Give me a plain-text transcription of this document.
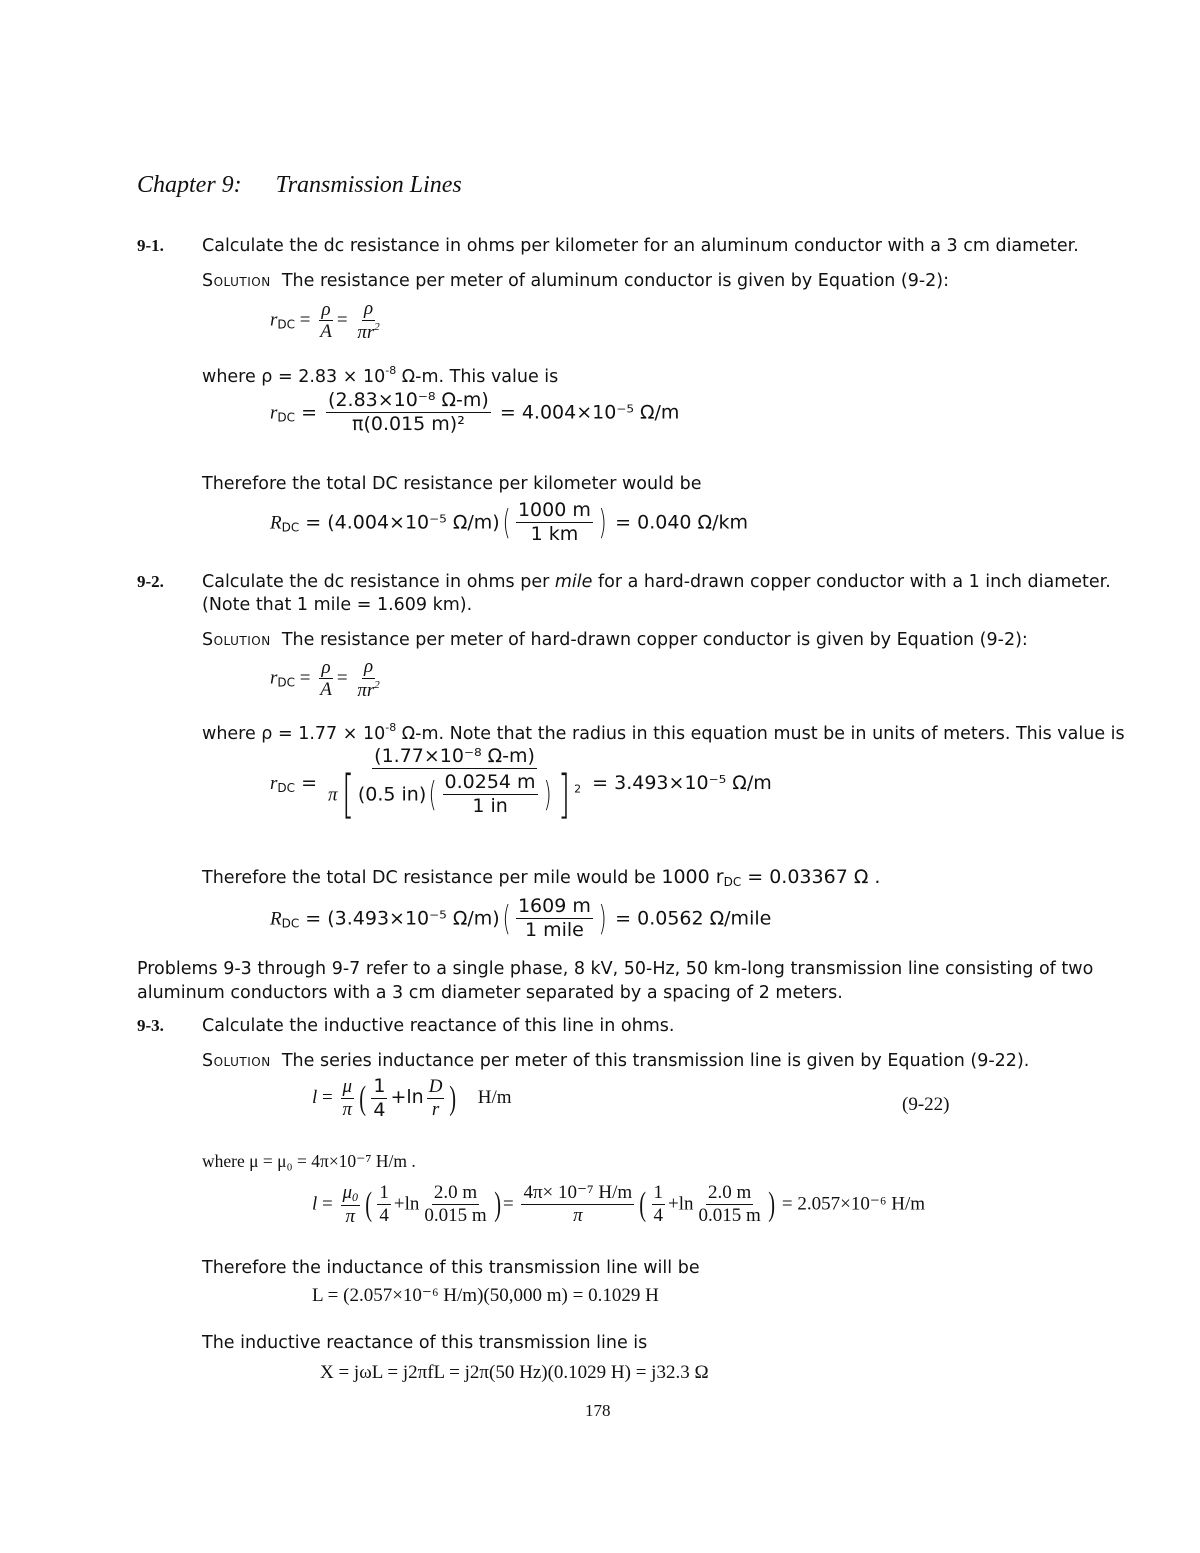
Chapter 9: Transmission Lines
9-1. Calculate the dc resistance in ohms per kilometer for an aluminum conductor with a 3 cm diameter.
Solution The resistance per meter of aluminum conductor is given by Equation (9-2):
$r_{DC} = \frac{\rho}{A} = \frac{\rho}{\pi r^2}$
where $\rho = 2.83 \times 10^{-8}$ Ω-m. This value is
$r_{DC} = \frac{\text{(2.83×10⁻⁸ Ω-m)}}{\text{π(0.015 m)²}} = 4.004\times 10^{-5}$ Ω/m
Therefore the total DC resistance per kilometer would be
$R_{DC} = (4.004\times 10^{-5}$ $\Omega/m)( \frac{1000 m}{1 km}$ ) = 0.040 Ω/km
9-2. Calculate the dc resistance in ohms per mile for a hard-drawn copper conductor with a 1 inch diameter.
(Note that 1 mile = 1.609 km).
Solution The resistance per meter of hard-drawn copper conductor is given by Equation (9-2):
$r_{DC} = \frac{\rho}{A} = \frac{\rho}{\pi r^2}$
where $\rho = 1.77 \times 10^{-8}$ Ω-m. Note that the radius in this equation must be in units of meters. This value is
$r_{DC} = \frac{\text{(1.77×10⁻⁸ Ω-m)}}{\pi[ (0.5 in)( \frac{0.0254 m}{1 in} ) ] ^2} = 3.493\times 10^{-5}$ Ω/m
Therefore the total DC resistance per mile would be 1000 $r_{DC} = 0.03367$ Ω .
$R_{DC} = (3.493\times 10^{-5}$ $\Omega/m)( \frac{1609 m}{\text{1 mile}}$ ) = 0.0562 Ω/mile
Problems 9-3 through 9-7 refer to a single phase, 8 kV, 50-Hz, 50 km-long transmission line consisting of two
aluminum conductors with a 3 cm diameter separated by a spacing of 2 meters.
9-3. Calculate the inductive reactance of this line in ohms.
Solution The series inductance per meter of this transmission line is given by Equation (9-22).
$l = \frac{\mu}{\pi}$ ( $\frac{1}{4} +\ln \frac{D}{r}$ ) H/m	(9-22)
where μ = μ₀ = 4π×10⁻⁷ H/m .
$l = \frac{\mu_0}{\pi}$ ( $\frac{1}{4} +\ln \frac{2.0 m}{0.015 m}$ ) = $\frac{\text{4π× 10⁻⁷ H/m}}{\pi}$ ( $\frac{1}{4} +\ln \frac{2.0 m}{0.015 m}$ ) = 2.057×10⁻⁶ H/m
Therefore the inductance of this transmission line will be
L = (2.057×10⁻⁶ H/m)(50,000 m) = 0.1029 H
The inductive reactance of this transmission line is
X = jωL = j2πfL = j2π(50 Hz)(0.1029 H) = j32.3 Ω
178
